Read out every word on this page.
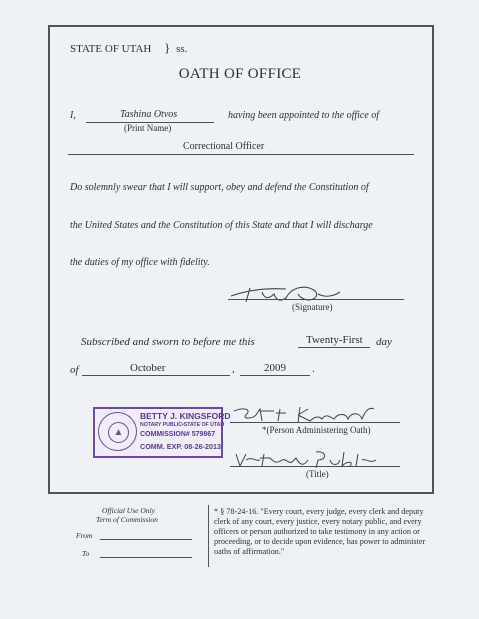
STATE OF UTAH } ss.
OATH OF OFFICE
I,	Tashina Otvos
(Print Name)
having been appointed to the office of
Correctional Officer
Do solemnly swear that I will support, obey and defend the Constitution of
the United States and the Constitution of this State and that I will discharge
the duties of my office with fidelity.
(Signature)
Subscribed and sworn to before me this	Twenty-First day
of	October	,	2009 .
▲
BETTY J. KINGSFORD
NOTARY PUBLIC•STATE OF UTAH
COMMISSION# 579867
COMM. EXP. 08-26-2013
*(Person Administering Oath)
(Title)
Official Use Only
Term of Commission
From
To
* § 78-24-16. "Every court, every judge, every clerk and deputy clerk of any court, every justice, every notary public, and every officers or person authorized to take testimony in any action or proceeding, or to decide upon evidence, has power to administer oaths of affirmation."
